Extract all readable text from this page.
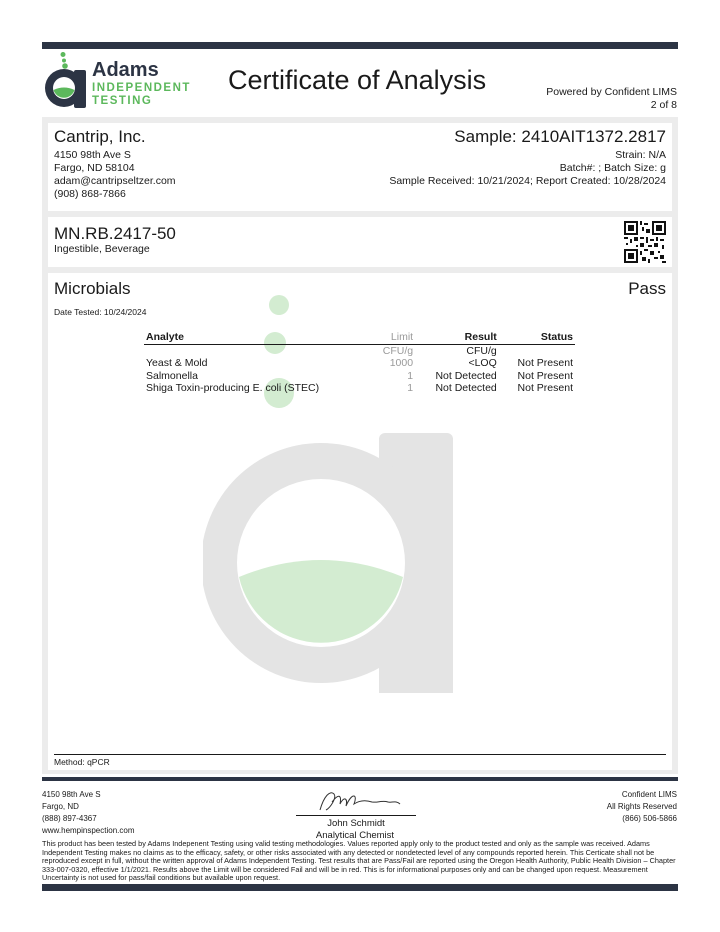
Adams
INDEPENDENT
TESTING
Certificate of Analysis	Powered by Confident LIMS
2 of 8
Cantrip, Inc.
4150 98th Ave S
Fargo, ND 58104
adam@cantripseltzer.com
(908) 868-7866
Sample: 2410AIT1372.2817
Strain: N/A
Batch#: ; Batch Size: g
Sample Received: 10/21/2024; Report Created: 10/28/2024
MN.RB.2417-50
Ingestible, Beverage
Microbials	Pass
Date Tested: 10/24/2024
Method: qPCR
Analyte	Limit	Result	Status
	CFU/g	CFU/g	
Yeast & Mold	1000	<LOQ	Not Present
Salmonella	1	Not Detected	Not Present
Shiga Toxin-producing E. coli (STEC)	1	Not Detected	Not Present
4150 98th Ave S
Fargo, ND
(888) 897-4367
www.hempinspection.com
John Schmidt
Analytical Chemist
Confident LIMS
All Rights Reserved
(866) 506-5866
This product has been tested by Adams Indepenent Testing using valid testing methodologies. Values reported apply only to the product tested and only as the sample was received. Adams Independent Testing makes no claims as to the efficacy, safety, or other risks associated with any detected or nondetected level of any compounds reported herein. This Certicate shall not be reproduced except in full, without the written approval of Adams Independent Testing. Test results that are Pass/Fail are reported using the Oregon Health Authority, Public Health Division – Chapter 333-007-0320, effective 1/1/2021. Results above the Limit will be considered Fail and will be in red. This is for informational purposes only and can be changed upon request. Measurement Uncertainty is not used for pass/fail conditions but available upon request.
